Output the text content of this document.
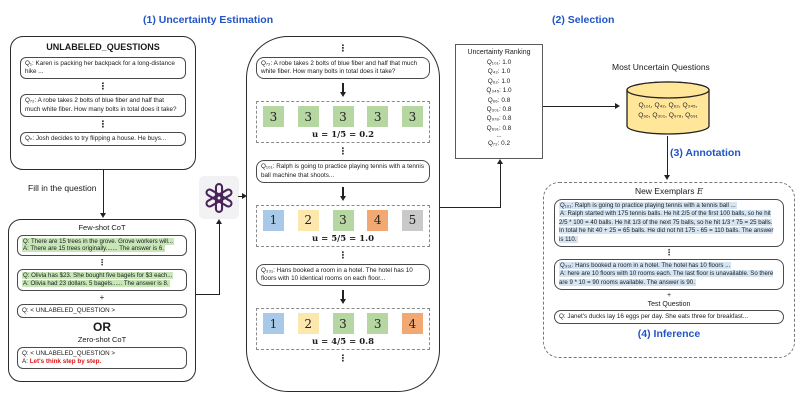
(1) Uncertainty Estimation	(2) Selection
(3) Annotation
UNLABELED_QUESTIONS
Q₁: Karen is packing her backpack for a long-distance hike ...
⋮
Q₇₂: A robe takes 2 bolts of blue fiber and half that much white fiber. How many bolts in total does it take?
⋮
Qₙ: Josh decides to try flipping a house. He buys...
Fill in the question
Few-shot CoT
Q: There are 15 trees in the grove. Grove workers will...
A: There are 15 trees originally....... The answer is 6.
⋮
Q: Olivia has $23. She bought five bagels for $3 each...
A: Olivia had 23 dollars. 5 bagels...... The answer is 8.
+
Q: < UNLABELED_QUESTION >
OR
Zero-shot CoT
Q: < UNLABELED_QUESTION >
A: Let's think step by step.
⋮
Q₇₂: A robe takes 2 bolts of blue fiber and half that much white fiber. How many bolts in total does it take?
3	3	3	3	3
u = 1/5 = 0.2
⋮
Q₁₀₁: Ralph is going to practice playing tennis with a tennis ball machine that shoots...
1	2	3	4	5
u = 5/5 = 1.0
⋮
Q₃₃₁: Hans booked a room in a hotel. The hotel has 10 floors with 10 identical rooms on each floor...
1	2	3	3	4
u = 4/5 = 0.8
⋮
Uncertainty Ranking
Q₁₀₁: 1.0
Q₄₂: 1.0
Q₆₂: 1.0
Q₃₄₅: 1.0
Q₆₆: 0.8
Q₃₀₁: 0.8
Q₉₇₈: 0.8
Q₆₉₁: 0.8
...
Q₇₂: 0.2
Most Uncertain Questions
Q₁₀₁, Q₄₂, Q₆₂, Q₃₄₅,
Q₆₆, Q₃₀₁, Q₉₇₈, Q₆₉₁
New Exemplars E
Q₁₀₁: Ralph is going to practice playing tennis with a tennis ball ...
A: Ralph started with 175 tennis balls. He hit 2/5 of the first 100 balls, so he hit 2/5 * 100 = 40 balls. He hit 1/3 of the next 75 balls, so he hit 1/3 * 75 = 25 balls. In total he hit 40 + 25 = 65 balls. He did not hit 175 - 65 = 110 balls. The answer is 110.
⋮
Q₃₃₁: Hans booked a room in a hotel. The hotel has 10 floors ...
A: here are 10 floors with 10 rooms each. The last floor is unavailable. So there are 9 * 10 = 90 rooms available. The answer is 90.
+
Test Question
Q: Janet's ducks lay 16 eggs per day. She eats three for breakfast...
(4) Inference
